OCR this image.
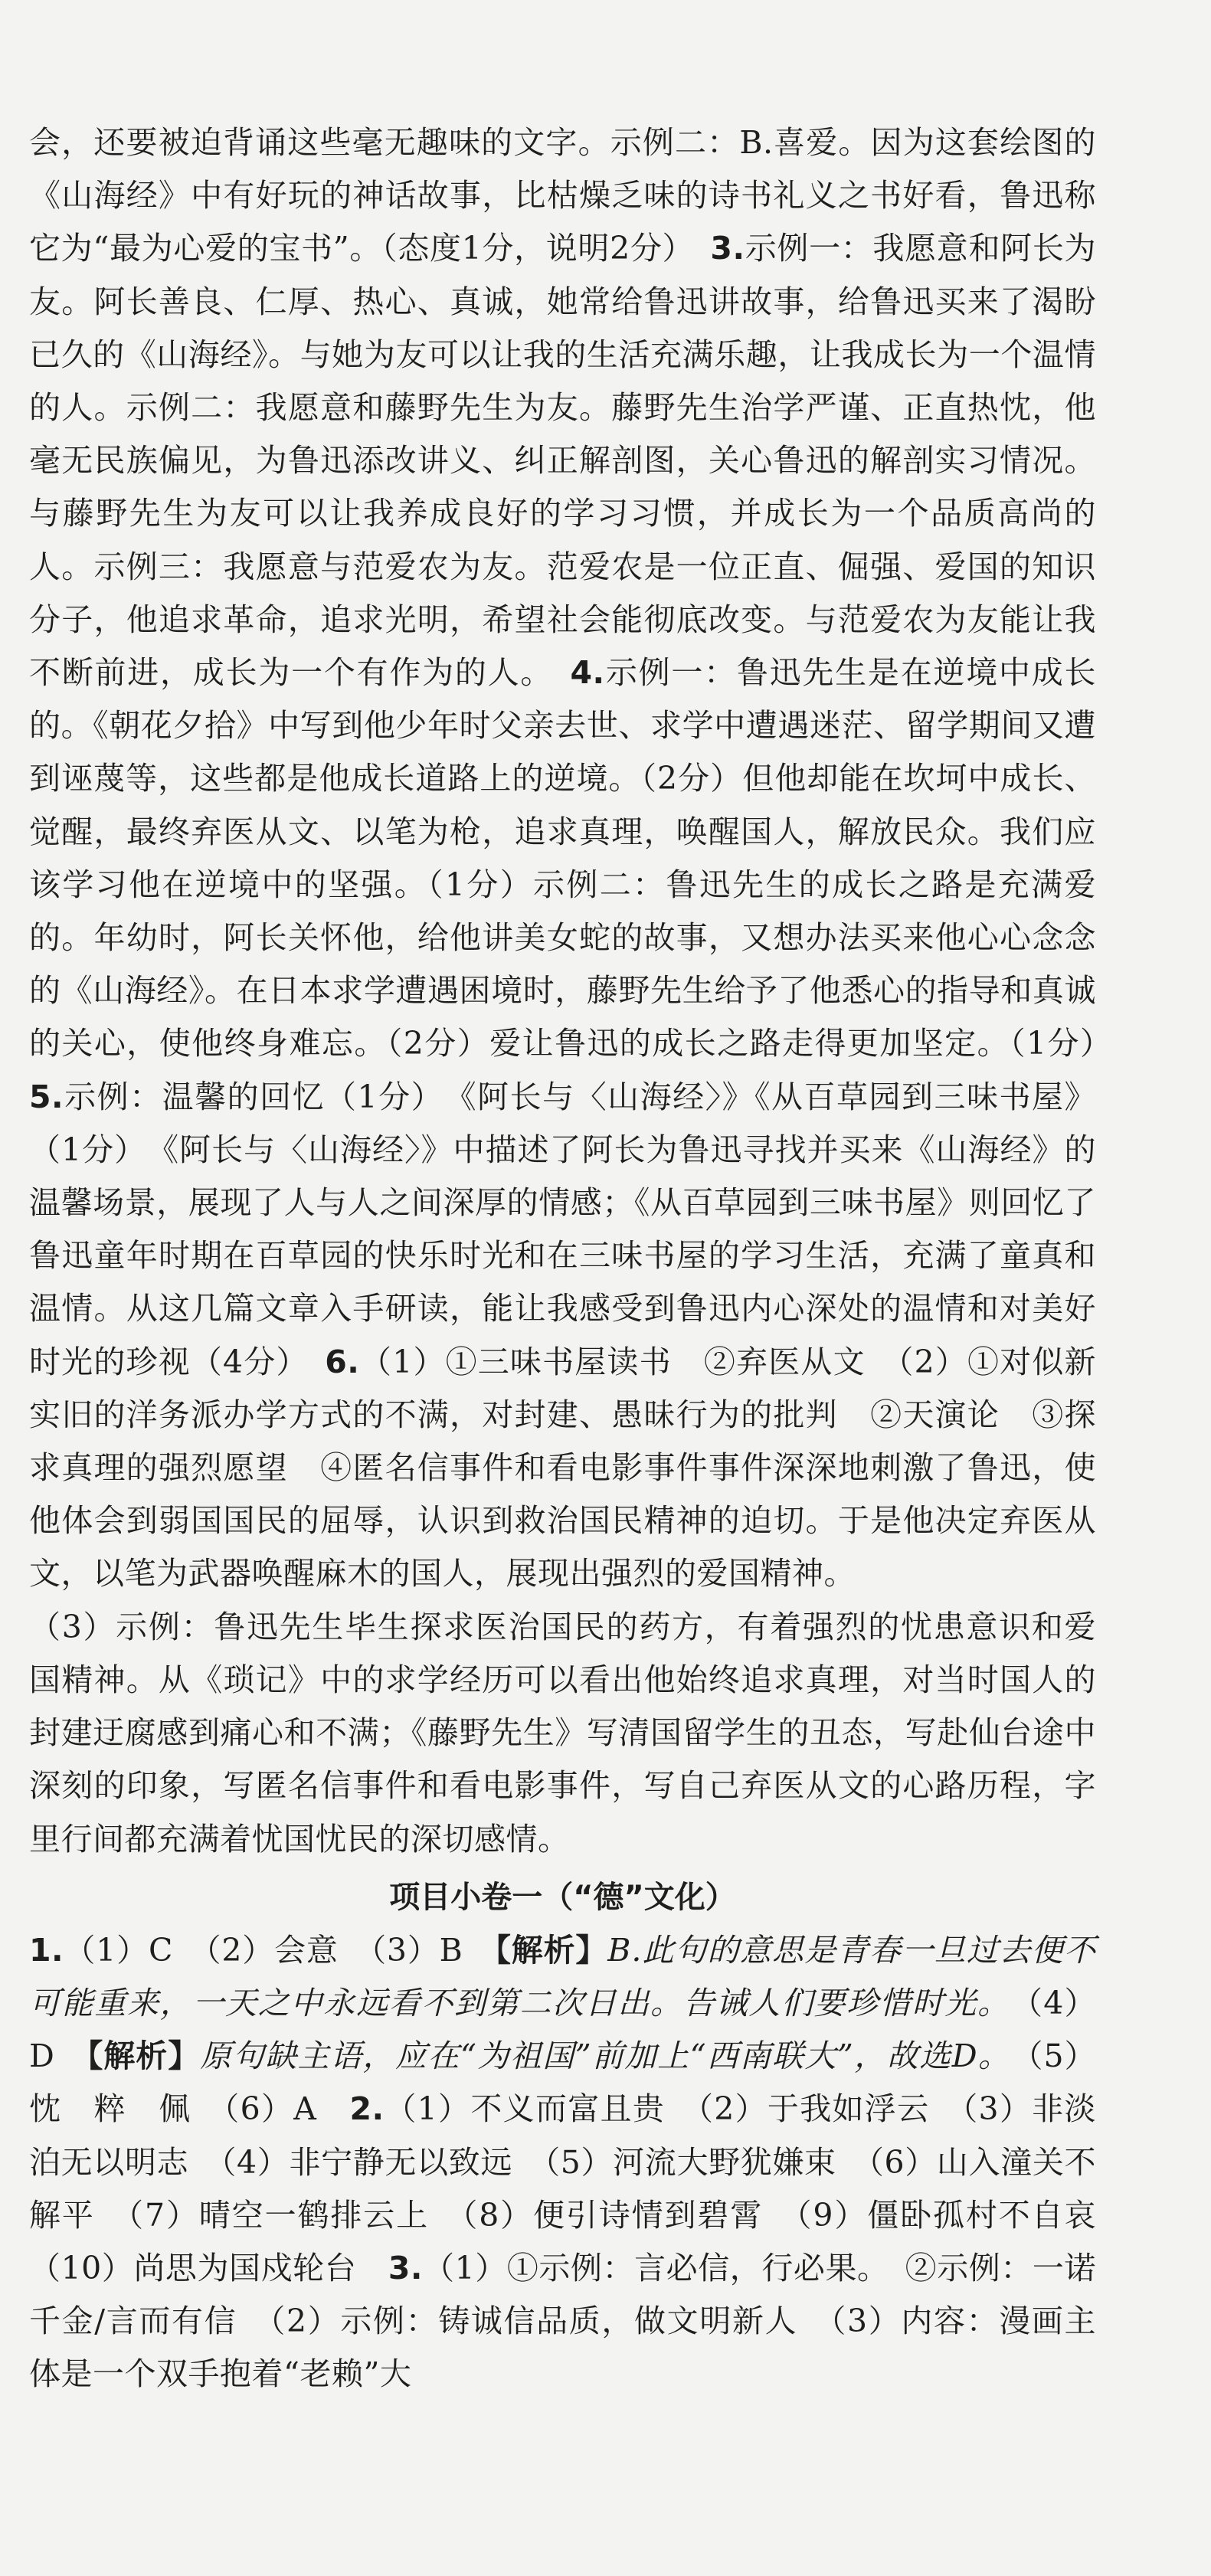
会，还要被迫背诵这些毫无趣味的文字。示例二：B.喜爱。因为这套绘图的《山海经》中有好玩的神话故事，比枯燥乏味的诗书礼义之书好看，鲁迅称它为“最为心爱的宝书”。（态度1分，说明2分）　 3.示例一：我愿意和阿长为友。阿长善良、仁厚、热心、真诚，她常给鲁迅讲故事，给鲁迅买来了渴盼已久的《山海经》。与她为友可以让我的生活充满乐趣，让我成长为一个温情的人。示例二：我愿意和藤野先生为友。藤野先生治学严谨、正直热忱，他毫无民族偏见，为鲁迅添改讲义、纠正解剖图，关心鲁迅的解剖实习情况。与藤野先生为友可以让我养成良好的学习习惯，并成长为一个品质高尚的人。示例三：我愿意与范爱农为友。范爱农是一位正直、倔强、爱国的知识分子，他追求革命，追求光明，希望社会能彻底改变。与范爱农为友能让我不断前进，成长为一个有作为的人。　 4.示例一：鲁迅先生是在逆境中成长的。《朝花夕拾》中写到他少年时父亲去世、求学中遭遇迷茫、留学期间又遭到诬蔑等，这些都是他成长道路上的逆境。（2分）但他却能在坎坷中成长、觉醒，最终弃医从文、以笔为枪，追求真理，唤醒国人，解放民众。我们应该学习他在逆境中的坚强。（1分）示例二：鲁迅先生的成长之路是充满爱的。年幼时，阿长关怀他，给他讲美女蛇的故事，又想办法买来他心心念念的《山海经》。在日本求学遭遇困境时，藤野先生给予了他悉心的指导和真诚的关心，使他终身难忘。（2分）爱让鲁迅的成长之路走得更加坚定。（1分）　5.示例：温馨的回忆（1分）　《阿长与〈山海经〉》《从百草园到三味书屋》（1分）　《阿长与〈山海经〉》中描述了阿长为鲁迅寻找并买来《山海经》的温馨场景，展现了人与人之间深厚的情感；《从百草园到三味书屋》则回忆了鲁迅童年时期在百草园的快乐时光和在三味书屋的学习生活，充满了童真和温情。从这几篇文章入手研读，能让我感受到鲁迅内心深处的温情和对美好时光的珍视（4分）　 6.（1）①三味书屋读书　②弃医从文　（2）①对似新实旧的洋务派办学方式的不满，对封建、愚昧行为的批判　②天演论　③探求真理的强烈愿望　④匿名信事件和看电影事件事件深深地刺激了鲁迅，使他体会到弱国国民的屈辱，认识到救治国民精神的迫切。于是他决定弃医从文，以笔为武器唤醒麻木的国人，展现出强烈的爱国精神。

（3）示例：鲁迅先生毕生探求医治国民的药方，有着强烈的忧患意识和爱国精神。从《琐记》中的求学经历可以看出他始终追求真理，对当时国人的封建迂腐感到痛心和不满；《藤野先生》写清国留学生的丑态，写赴仙台途中深刻的印象，写匿名信事件和看电影事件，写自己弃医从文的心路历程，字里行间都充满着忧国忧民的深切感情。

项目小卷一（“德”文化）

1.（1）C　（2）会意　（3）B　【解析】B.此句的意思是青春一旦过去便不可能重来，一天之中永远看不到第二次日出。告诫人们要珍惜时光。　（4）D　【解析】原句缺主语，应在“为祖国”前加上“西南联大”，故选D。　（5）忱　粹　佩　（6）A　2.（1）不义而富且贵　（2）于我如浮云　（3）非淡泊无以明志　（4）非宁静无以致远　（5）河流大野犹嫌束　（6）山入潼关不解平　（7）晴空一鹤排云上　（8）便引诗情到碧霄　（9）僵卧孤村不自哀　（10）尚思为国戍轮台　3.（1）①示例：言必信，行必果。　②示例：一诺千金/言而有信　（2）示例：铸诚信品质，做文明新人　（3）内容：漫画主体是一个双手抱着“老赖”大
